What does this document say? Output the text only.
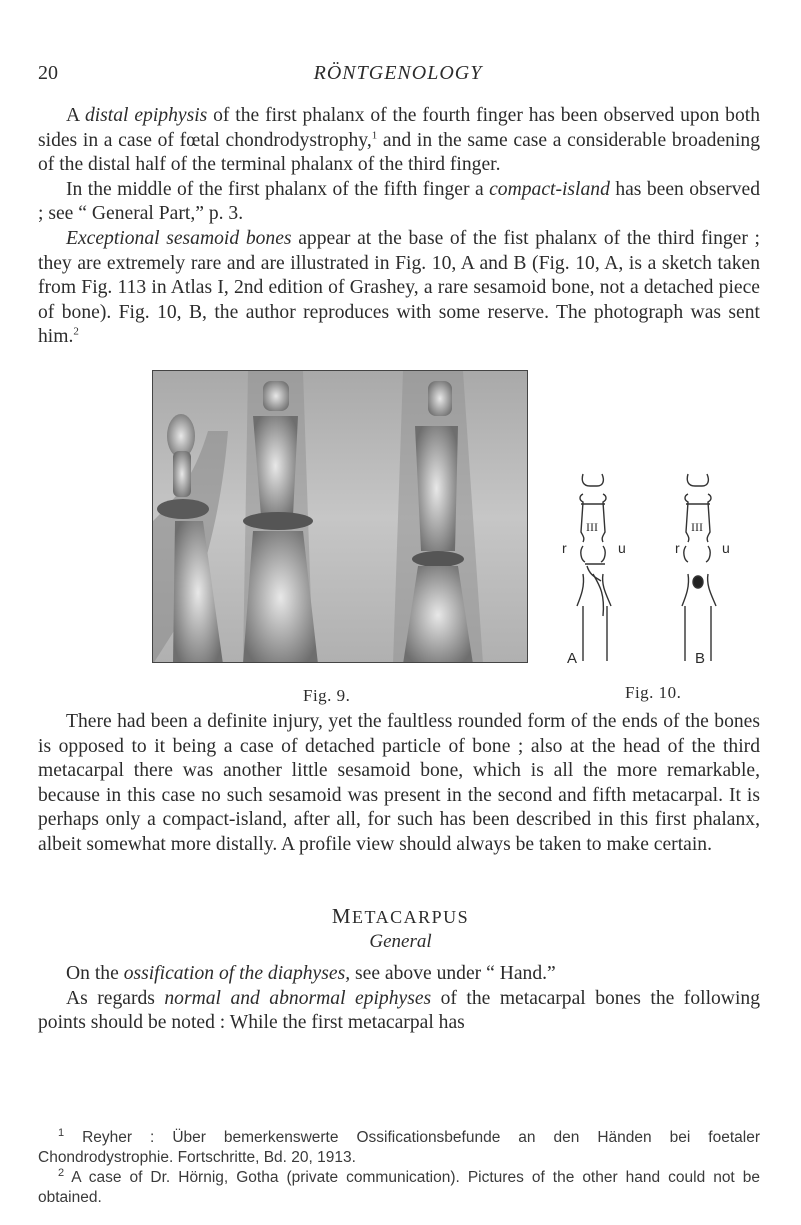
20	RÖNTGENOLOGY

A distal epiphysis of the first phalanx of the fourth finger has been observed upon both sides in a case of fœtal chondrodystrophy,$^1$ and in the same case a considerable broadening of the distal half of the terminal phalanx of the third finger.

In the middle of the first phalanx of the fifth finger a compact-island has been observed ; see “ General Part,” p. 3.

Exceptional sesamoid bones appear at the base of the fist phalanx of the third finger ; they are extremely rare and are illustrated in Fig. 10, A and B (Fig. 10, A, is a sketch taken from Fig. 113 in Atlas I, 2nd edition of Grashey, a rare sesamoid bone, not a detached piece of bone). Fig. 10, B, the author reproduces with some reserve. The photograph was sent him.$^2$

III	III
r	u	r	u
A	B
Fig. 9.	Fig. 10.

There had been a definite injury, yet the faultless rounded form of the ends of the bones is opposed to it being a case of detached particle of bone ; also at the head of the third metacarpal there was another little sesamoid bone, which is all the more remarkable, because in this case no such sesamoid was present in the second and fifth metacarpal. It is perhaps only a compact-island, after all, for such has been described in this first phalanx, albeit somewhat more distally. A profile view should always be taken to make certain.

METACARPUS
General

On the ossification of the diaphyses, see above under “ Hand.”

As regards normal and abnormal epiphyses of the metacarpal bones the following points should be noted : While the first metacarpal has

$^1$ Reyher : Über bemerkenswerte Ossificationsbefunde an den Händen bei foetaler Chondrodystrophie. Fortschritte, Bd. 20, 1913.

$^2$ A case of Dr. Hörnig, Gotha (private communication). Pictures of the other hand could not be obtained.
